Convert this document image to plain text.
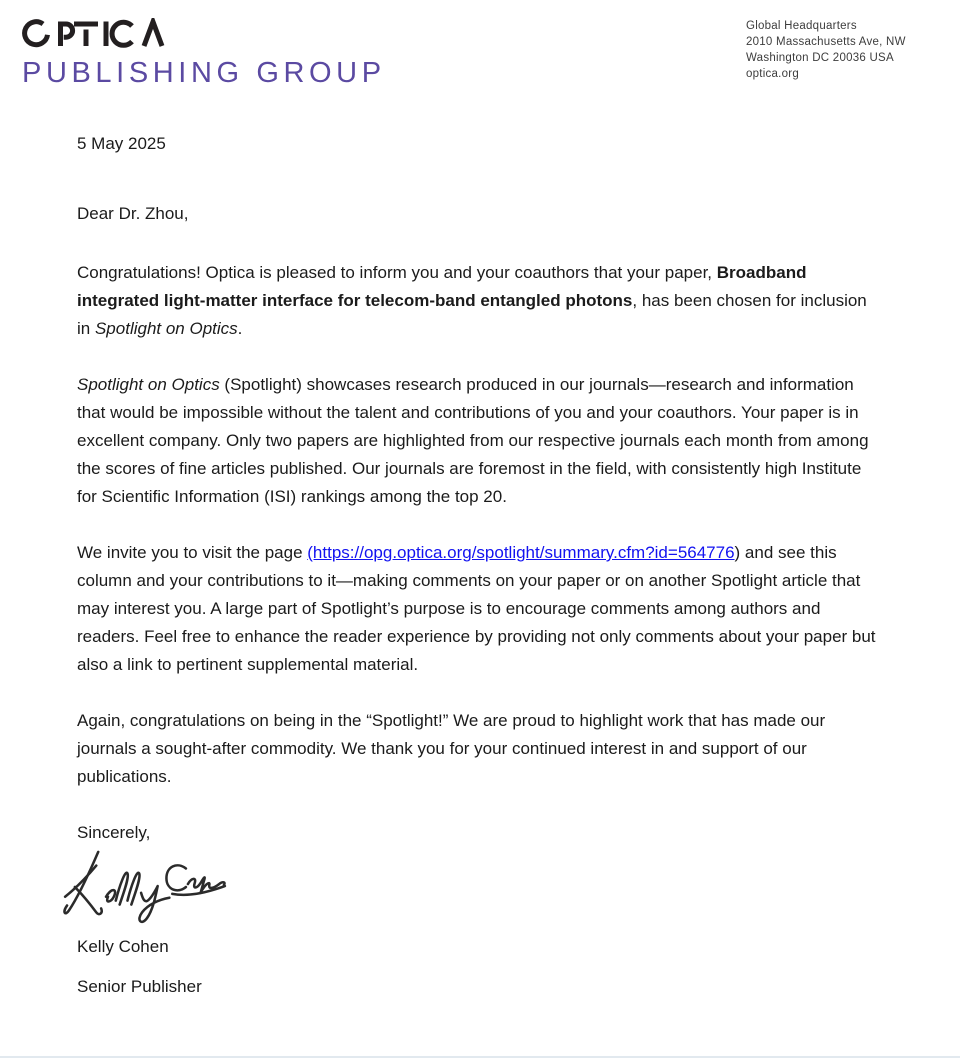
PUBLISHING GROUP
Global Headquarters
2010 Massachusetts Ave, NW
Washington DC 20036 USA
optica.org

5 May 2025

Dear Dr. Zhou,

Congratulations! Optica is pleased to inform you and your coauthors that your paper, Broadband integrated light-matter interface for telecom-band entangled photons, has been chosen for inclusion in Spotlight on Optics.

Spotlight on Optics (Spotlight) showcases research produced in our journals—research and information that would be impossible without the talent and contributions of you and your coauthors. Your paper is in excellent company. Only two papers are highlighted from our respective journals each month from among the scores of fine articles published. Our journals are foremost in the field, with consistently high Institute for Scientific Information (ISI) rankings among the top 20.

We invite you to visit the page (https://opg.optica.org/spotlight/summary.cfm?id=564776) and see this column and your contributions to it—making comments on your paper or on another Spotlight article that may interest you. A large part of Spotlight’s purpose is to encourage comments among authors and readers. Feel free to enhance the reader experience by providing not only comments about your paper but also a link to pertinent supplemental material.

Again, congratulations on being in the “Spotlight!” We are proud to highlight work that has made our journals a sought-after commodity. We thank you for your continued interest in and support of our publications.

Sincerely,

Kelly Cohen

Senior Publisher
